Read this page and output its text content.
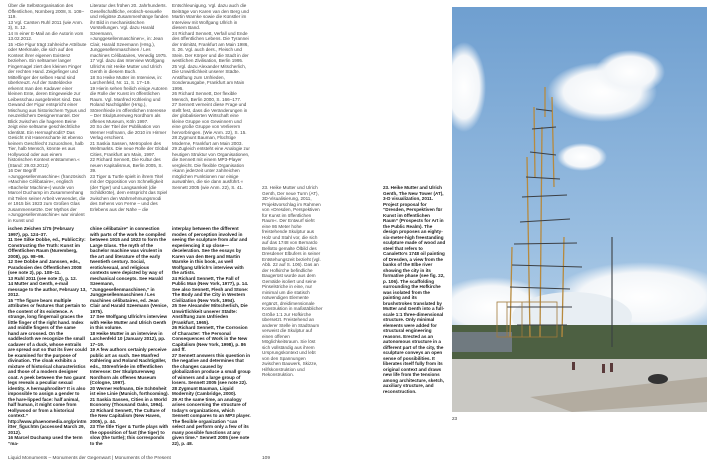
Über die Selbstorganisation des Öffentlichen, Nürnberg 2008, S. 108–119.
13 Vgl. Carsten Ruhl 2011 (wie Anm. 3), S. 12.
14 In einer E-Mail an die Autorin vom 13.02.2012.
15 »Die Figur trägt zahlreiche Attribute oder Merkmale, die sich auf den Kontext ihrer eigenen Existenz beziehen. Ein seltsamer langer Fingernagel ziert den kleinen Finger der rechten Hand. Zeigefinger und Mittelfinger der selben Hand sind überkreuzt. Auf der Satteldecke erkennt man den Kadaver einer kleinen Ente, deren Eingeweide zur Leibesschau ausgebreitet sind. Das Gewand der Figur entspricht einer Mischung aus historischem Typus und neuzeitlichem Designermantel. Der Blick zwischen die hageren Beine zeigt eine seltsame geschlechtliche Identität. Ein Hermaphrodit? Das Gesicht mit Hasenscharte ist ebenso keinem Geschlecht zuzuordnen, halb Tier, halb Mensch, könnte es aus Hollywood oder aus einem historischen Kontext entstammen.« (Stand: 29.03.2012)
16 Der Begriff »Junggesellenmaschine« (französisch »Machine Célibataire«, englisch »Bachelor Machine«) wurde von Marcel Duchamp im Zusammenhang mit Teilen seiner Arbeit verwendet, die er 1915 bis 1923 zum Großen Glas zusammensetzte. Der Mythos der »Junggesellenmaschine« war virulent in Kunst und
Literatur des frühen 20. Jahrhunderts. Gesellschaftliche, erotisch-sexuelle und religiöse Zusammenhänge fanden ihr Bild in mechanistischen Vorstellungen. Vgl. dazu Harald Szeemann, »Junggesellenmaschinen«, in: Jean Clair, Harald Szeemann (Hrsg.), Junggesellenmaschinen / Les machines Célibataires, Venedig 1975.
17 Vgl. dazu das Interview Wolfgang Ullrichs mit Heike Mutter und Ulrich Genth in diesem Buch.
18 So Heike Mutter im Interview, in: Larchenfeld, Nr. 11, S. 17–19.
19 Hierin sehen freilich einige Autoren die Rolle der Kunst im öffentlichen Raum. Vgl. Manfred Kühlering und Roland Nachtigäller (Hrsg.), Störenfriede im öffentlichen Interesse – Der Skulpturenweg Nordhorn als offenes Museum, Köln 1997.
20 So der Titel der Publikation von Werner Hofmann, die 2010 im Hirmer Verlag erschient.
21 Saskia Sassen, Metropolen des Weltmarkts. Die neue Rolle der Global Cities, Frankfurt am Main, 1997.
22 Richard Sennett, Die Kultur des neuen Kapitalismus, Berlin 2005, S. 39.
23 Tiger & Turtle spielt in ihrem Titel mit der Opposition von Schnelligkeit (der Tiger) und Langsamkeit (die Schildkröte), dem entspricht das Spiel zwischen den Wahrnehmungsmodi des Sehens von Ferne – und des Erlebens aus der Nähe – die
Entschleunigung. Vgl. dazu auch die Beiträge von Karen van den Berg und Martin Warnke sowie die Künstler im Interview mit Wolfgang Ullrich in diesem Band.
24 Richard Sennett, Verfall und Ende des öffentlichen Lebens. Die Tyrannei der Intimität, Frankfurt am Main 1986, S. 26. Vgl. auch ders., Fleisch und Stein. Der Körper und die Stadt in der westlichen Zivilisation, Berlin 1995.
25 Vgl. dazu Alexander Mitscherlich, Die Unwirtlichkeit unserer Städte. Anstiftung zum Unfrieden, Sonderausgabe, Frankfurt am Main 1996.
26 Richard Sennett, Der flexible Mensch, Berlin 2000, S. 166–177.
27 Sennett verneint diese Frage und stellt fest, dass die Veränderungen in der globalisierten Wirtschaft eine kleine Gruppe von Gewinnern und eine große Gruppe von Verlierern hervorbringen. (Wie Anm. 22), S. 15.
28 Zygmunt Bauman, Flüchtige Moderne, Frankfurt am Main 2003.
29 Zugleich entsteht eine Analogie zur heutigen Struktur von Organisationen, die Sennett mit einem MP3-Player vergleicht. Die flexible Organisation »kann jederzeit unter zahlreichen möglichen Funktionen nur einige auswählen, die sie dann ausführt.« Sennett 2005 (wie Anm. 22), S. 41.
ischen Zeichen 1/75 (February 1997), pp. 124–37.
11 See Silke Dobbe, ed., PublicCity: Constructing the Truth: Kunst im Öffentlichen Raum (Nuremberg, 2008), pp. 98–99.
12 See Dobbe and Janssen, eds., Paradoxien des Öffentlichen 2008 (see note 2), pp. 108–11.
13 Ruhl 2011 (see note 3), p. 12.
14 Mutter and Genth, e-mail message to the author, February 13, 2012.
15 “The figure bears multiple attributes or features that pertain to the content of its existence. A strange, long fingernail graces the little finger of the right hand. Index and middle fingers of the same hand are crossed. On the saddlecloth we recognize the small cadaver of a duck, whose entrails are spread out so that its liver could be examined for the purpose of divination. The cloak exhibits a mixture of historical characteristics and those of a modern designer coat. A peek between the two gaunt legs reveals a peculiar sexual identity. A hermaphrodite? It is also impossible to assign a gender to the hare-lipped face: half animal, half human, it might come from Hollywood or from a historical context.” http://www.phaenomedia.org/printmitter_figur.htm (accessed March 29, 2012).
16 Marcel Duchamp used the term “ma-
chine célibataire” in connection with parts of the work he compiled between 1915 and 1923 to form the Large Glass. The myth of the bachelor machine was virulent in the art and literature of the early twentieth century. Social, erotic/sexual, and religious contexts were depicted by way of mechanical concepts. See Harald Szeemann, “Junggesellenmaschinen,” in Junggesellenmaschinen / Les machines célibataires, ed. Jean Clair and Harald Szeemann (Venice, 1975).
17 See Wolfgang Ullrich’s interview with Heike Mutter and Ulrich Genth in this volume.
18 Heike Mutter in an interview in Larchenfeld 10 (January 2012), pp. 17–19.
19 A few authors certainly perceive public art as such. See Manfred Kühlering and Roland Nachtigäller, eds., Störenfriede im öffentlichen Interesse: Der Skulpturenweg Nordhorn als offenes Museum (Cologne, 1997).
20 Werner Hofmann, Die Schönheit ist eine Linie (Munich, forthcoming).
21 Saskia Sassen, Cities in a World Economy (Thousand Oaks, 1994).
22 Richard Sennett, The Culture of the New Capitalism (New Haven, 2005), p. 44.
23 The title Tiger & Turtle plays with the opposition of fast (the tiger) to slow (the turtle); this corresponds to the
interplay between the different modes of perception involved in seeing the sculpture from afar and experiencing it up close—deceleration. See the essays by Karen van den Berg and Martin Warnke in this book, as well Wolfgang Ullrich’s interview with the artists.
24 Richard Sennett, The Fall of Public Man (New York, 1977), p. 14. See also Sennett, Flesh and Stone: The Body and the City in Western Civilization (New York, 1994).
25 See Alexander Mitscherlich, Die Unwirtlichkeit unserer Städte: Anstiftung zum Unfrieden (Frankfurt, 1965).
26 Richard Sennett, The Corrosion of Character: The Personal Consequences of Work in the New Capitalism (New York, 1998), p. 86 and ff.
27 Sennett answers this question in the negative and determines that the changes caused by globalization produce a small group of winners and a large group of losers. Sennett 2005 (see note 22).
28 Zygmunt Bauman, Liquid Modernity (Cambridge, 2000).
29 At the same time, an analogy arises concerning the structure of today’s organizations, which Sennett compares to an MP3 player. The flexible organization “can select and perform only a few of its many possible functions at any given time.” Sennett 2005 (see note 22), p. 48.
Liquid Monuments – Monuments der Gegenwart | Monuments of the Present	109
23. Heike Mutter und Ulrich Genth, Der neue Turm (AT), 3D-Visualisierung, 2011, Projektvorschlag im Rahmen von »Dresden, Perspektiven für Kunst im öffentlichen Raum«. Der Entwurf sieht eine 86 Meter hohe freistehende Skulptur aus Holz und Stahl vor, die sich auf das 1748 von Bernardo Bellotto gemalte Ölbild des Dresdener Elbufers in seiner Entstehungszeit bezieht (vgl. Abb. 22 auf S. 106). Das an der Hofkirche befindliche Baugerüst wurde aus dem Gemälde isoliert und seine Pinselstriche in eine, nur minimal um die statisch notwendigen Elemente ergänzt, dreidimensionale Konstruktion in maßstäblicher Größe 1:1 zur Hofkirche übersetzt. Freistehend an anderer Stelle im Stadtraum verweist die Skulptur auf einen offenen Möglichkeitsraum. Sie löst sich vollständig aus ihrem Ursprungskontext und lebt von den Spannungen zwischen Bauwerk, Skizze, Hilfskonstruktion und Rekonstruktion.
23. Heike Mutter and Ulrich Genth, The New Tower (AT), 3-D visualization, 2011. Project proposal for “Dresden, Perspektiven für Kunst im öffentlichen Raum” (Prospects for Art in the Public Realm). The design proposes an eighty-six-meter-high freestanding sculpture made of wood and steel that refers to Canaletto’s 1748 oil painting of Dresden, a view from the banks of the Elbe river showing the city in its formative phase (see fig. 22, p. 106). The scaffolding surrounding the Hofkirche was isolated from the painting and its brushstrokes translated by Mutter and Genth into a full-scale 1:1 three-dimensional structure. Only minimal elements were added for structural engineering reasons. Erected as an autonomous structure in a different part of the city, the sculpture conveys an open sense of possibilities. It liberates itself fully from its original context and draws new life from the tensions among architecture, sketch, auxiliary structure, and reconstruction.
23
